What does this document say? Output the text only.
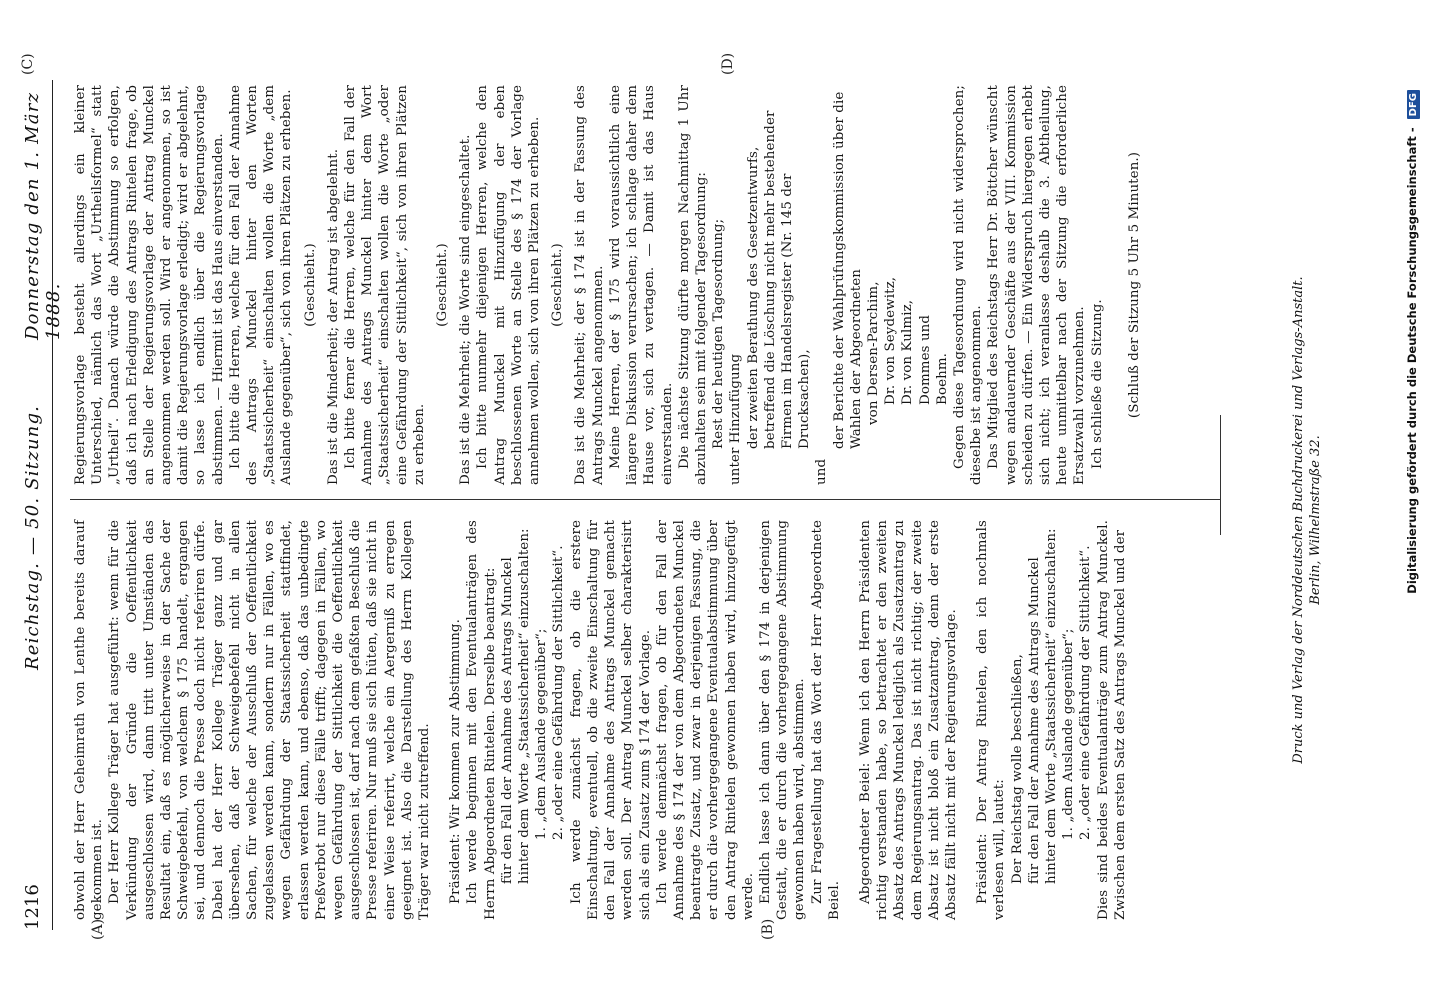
1216
Reichstag. — 50. Sitzung.
Donnerstag den 1. März 1888.
(A)	(B)
(C)	(D)

obwohl der Herr Geheimrath von Lenthe bereits darauf gekommen ist. Der Herr Kollege Träger hat ausgeführt: wenn für die Verkündung der Gründe die Oeffentlichkeit ausgeschlossen wird, dann tritt unter Umständen das Resultat ein, daß es möglicherweise in der Sache der Schweigebefehl, von welchem § 175 handelt, ergangen sei, und dennoch die Presse doch nicht referiren dürfe. Dabei hat der Herr Kollege Träger ganz und gar übersehen, daß der Schweigebefehl nicht in allen Sachen, für welche der Ausschluß der Oeffentlichkeit zugelassen werden kann, sondern nur in Fällen, wo es wegen Gefährdung der Staatssicherheit stattfindet, erlassen werden kann, und ebenso, daß das unbedingte Preßverbot nur diese Fälle trifft; dagegen in Fällen, wo wegen Gefährdung der Sittlichkeit die Oeffentlichkeit ausgeschlossen ist, darf nach dem gefaßten Beschluß die Presse referiren. Nur muß sie sich hüten, daß sie nicht in einer Weise referirt, welche ein Aergerniß zu erregen geeignet ist. Also die Darstellung des Herrn Kollegen Träger war nicht zutreffend. Präsident: Wir kommen zur Abstimmung. Ich werde beginnen mit den Eventualanträgen des Herrn Abgeordneten Rintelen. Derselbe beantragt: für den Fall der Annahme des Antrags Munckel hinter dem Worte „Staatssicherheit“ einzuschalten: 1. „dem Auslande gegenüber“; 2. „oder eine Gefährdung der Sittlichkeit“. Ich werde zunächst fragen, ob die erstere Einschaltung, eventuell, ob die zweite Einschaltung für den Fall der Annahme des Antrags Munckel gemacht werden soll. Der Antrag Munckel selber charakterisirt sich als ein Zusatz zum § 174 der Vorlage. Ich werde demnächst fragen, ob für den Fall der Annahme des § 174 der von dem Abgeordneten Munckel beantragte Zusatz, und zwar in derjenigen Fassung, die er durch die vorhergegangene Eventualabstimmung über den Antrag Rintelen gewonnen haben wird, hinzugefügt werde. Endlich lasse ich dann über den § 174 in derjenigen Gestalt, die er durch die vorhergegangene Abstimmung gewonnen haben wird, abstimmen. Zur Fragestellung hat das Wort der Herr Abgeordnete Beiel. Abgeordneter Beiel: Wenn ich den Herrn Präsidenten richtig verstanden habe, so betrachtet er den zweiten Absatz des Antrags Munckel lediglich als Zusatzantrag zu dem Regierungsantrag. Das ist nicht richtig; der zweite Absatz ist nicht bloß ein Zusatzantrag, denn der erste Absatz fällt nicht mit der Regierungsvorlage. Präsident: Der Antrag Rintelen, den ich nochmals verlesen will, lautet: Der Reichstag wolle beschließen, für den Fall der Annahme des Antrags Munckel hinter dem Worte „Staatssicherheit“ einzuschalten: 1. „dem Auslande gegenüber“; 2. „oder eine Gefährdung der Sittlichkeit“. Dies sind beides Eventualanträge zum Antrag Munckel. Zwischen dem ersten Satz des Antrags Munckel und der

Regierungsvorlage besteht allerdings ein kleiner Unterschied, nämlich das Wort „Urtheilsformel“ statt „Urtheil“. Danach würde die Abstimmung so erfolgen, daß ich nach Erledigung des Antrags Rintelen frage, ob an Stelle der Regierungsvorlage der Antrag Munckel angenommen werden soll. Wird er angenommen, so ist damit die Regierungsvorlage erledigt; wird er abgelehnt, so lasse ich endlich über die Regierungsvorlage abstimmen. — Hiermit ist das Haus einverstanden. Ich bitte die Herren, welche für den Fall der Annahme des Antrags Munckel hinter den Worten „Staatssicherheit“ einschalten wollen die Worte „dem Auslande gegenüber“, sich von ihren Plätzen zu erheben. (Geschieht.) Das ist die Minderheit; der Antrag ist abgelehnt. Ich bitte ferner die Herren, welche für den Fall der Annahme des Antrags Munckel hinter dem Wort „Staatssicherheit“ einschalten wollen die Worte „oder eine Gefährdung der Sittlichkeit“, sich von ihren Plätzen zu erheben.

(Geschieht.) Das ist die Mehrheit; die Worte sind eingeschaltet. Ich bitte nunmehr diejenigen Herren, welche den Antrag Munckel mit Hinzufügung der eben beschlossenen Worte an Stelle des § 174 der Vorlage annehmen wollen, sich von ihren Plätzen zu erheben. (Geschieht.) Das ist die Mehrheit; der § 174 ist in der Fassung des Antrags Munckel angenommen. Meine Herren, der § 175 wird voraussichtlich eine längere Diskussion verursachen; ich schlage daher dem Hause vor, sich zu vertagen. — Damit ist das Haus einverstanden. Die nächste Sitzung dürfte morgen Nachmittag 1 Uhr abzuhalten sein mit folgender Tagesordnung: Rest der heutigen Tagesordnung; unter Hinzufügung der zweiten Berathung des Gesetzentwurfs, betreffend die Löschung nicht mehr bestehender Firmen im Handelsregister (Nr. 145 der Drucksachen),

und

der Berichte der Wahlprüfungskommission über die Wahlen der Abgeordneten von Dersen-Parchim, Dr. von Seydewitz, Dr. von Kulmiz, Dommes und Boehm. Gegen diese Tagesordnung wird nicht widersprochen; dieselbe ist angenommen. Das Mitglied des Reichstags Herr Dr. Böttcher wünscht wegen andauernder Geschäfte aus der VIII. Kommission scheiden zu dürfen. — Ein Widerspruch hiergegen erhebt sich nicht; ich veranlasse deshalb die 3. Abtheilung, heute unmittelbar nach der Sitzung die erforderliche Ersatzwahl vorzunehmen. Ich schließe die Sitzung. (Schluß der Sitzung 5 Uhr 5 Minuten.)	Druck und Verlag der Norddeutschen Buchdruckerei und Verlags-Anstalt. Berlin, Wilhelmstraße 32.	Digitalisierung gefördert durch die Deutsche Forschungsgemeinschaft - DFG
